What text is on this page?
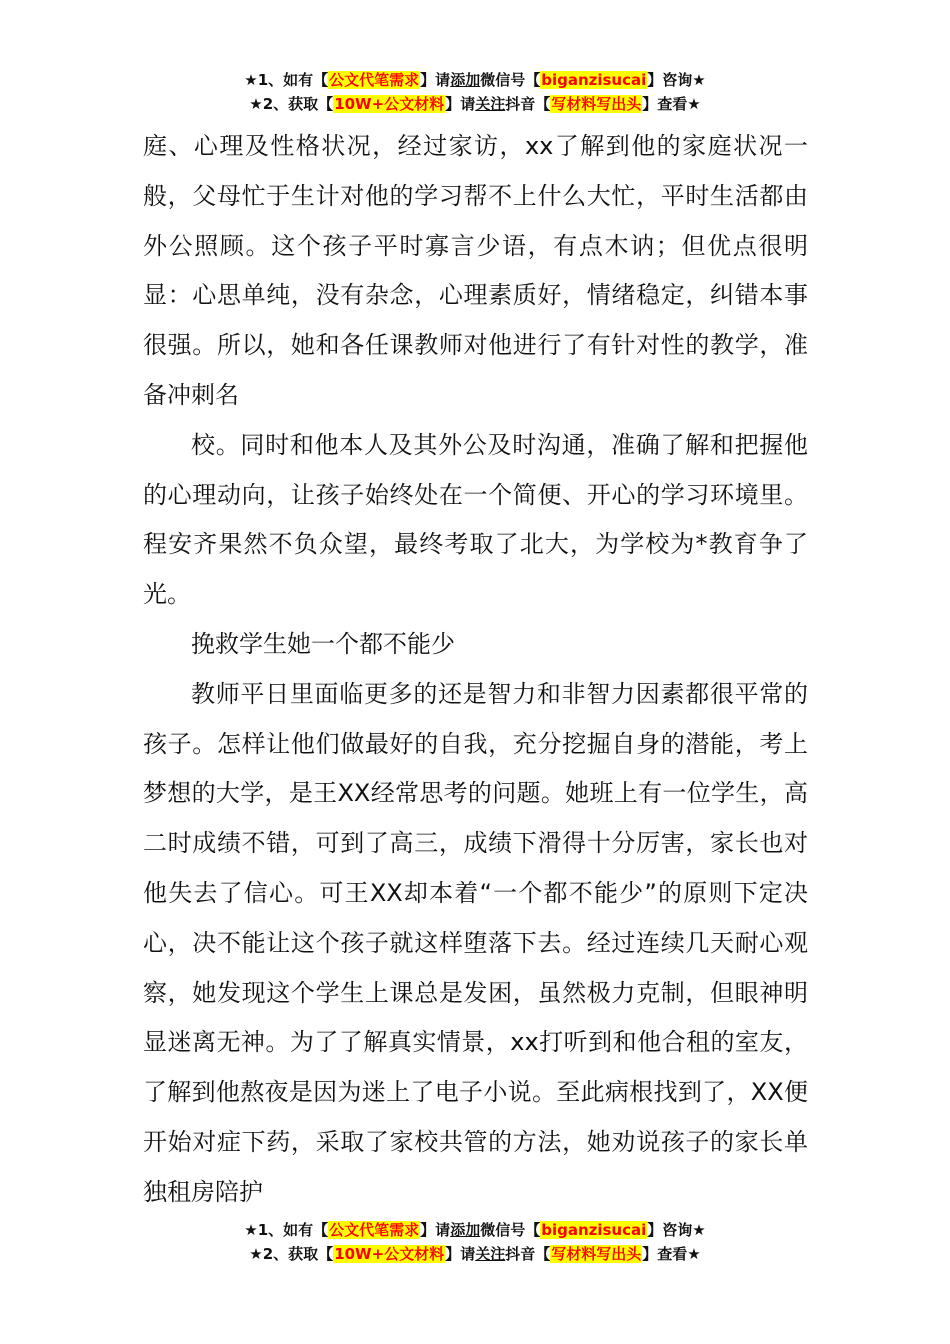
★1、如有【公文代笔需求】请添加微信号【biganzisucai】咨询★
★2、获取【10W+公文材料】请关注抖音【写材料写出头】查看★

庭、心理及性格状况，经过家访，xx了解到他的家庭状况一般，父母忙于生计对他的学习帮不上什么大忙，平时生活都由外公照顾。这个孩子平时寡言少语，有点木讷；但优点很明显：心思单纯，没有杂念，心理素质好，情绪稳定，纠错本事很强。所以，她和各任课教师对他进行了有针对性的教学，准备冲刺名

校。同时和他本人及其外公及时沟通，准确了解和把握他的心理动向，让孩子始终处在一个简便、开心的学习环境里。程安齐果然不负众望，最终考取了北大，为学校为*教育争了光。

挽救学生她一个都不能少

教师平日里面临更多的还是智力和非智力因素都很平常的孩子。怎样让他们做最好的自我，充分挖掘自身的潜能，考上梦想的大学，是王XX经常思考的问题。她班上有一位学生，高二时成绩不错，可到了高三，成绩下滑得十分厉害，家长也对他失去了信心。可王XX却本着“一个都不能少”的原则下定决心，决不能让这个孩子就这样堕落下去。经过连续几天耐心观察，她发现这个学生上课总是发困，虽然极力克制，但眼神明显迷离无神。为了了解真实情景，xx打听到和他合租的室友，了解到他熬夜是因为迷上了电子小说。至此病根找到了，XX便开始对症下药，采取了家校共管的方法，她劝说孩子的家长单独租房陪护

★1、如有【公文代笔需求】请添加微信号【biganzisucai】咨询★
★2、获取【10W+公文材料】请关注抖音【写材料写出头】查看★
